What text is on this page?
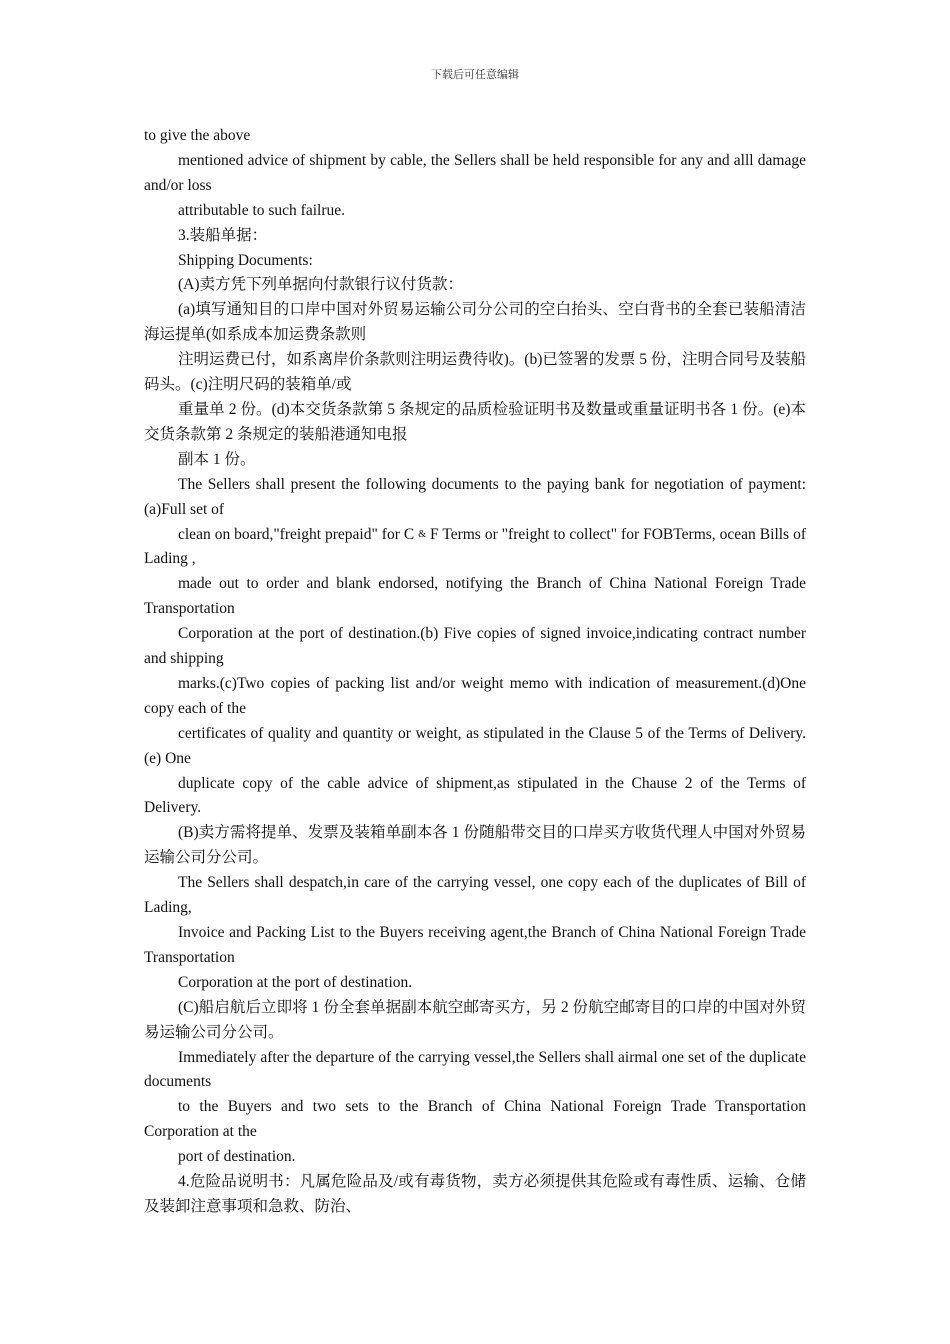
下载后可任意编辑

to give the above

mentioned advice of shipment by cable, the Sellers shall be held responsible for any and alll damage and/or loss

attributable to such failrue.

3.装船单据：

Shipping Documents:

(A)卖方凭下列单据向付款银行议付货款：

(a)填写通知目的口岸中国对外贸易运输公司分公司的空白抬头、空白背书的全套已装船清洁海运提单(如系成本加运费条款则

注明运费已付，如系离岸价条款则注明运费待收)。(b)已签署的发票 5 份，注明合同号及装船码头。(c)注明尺码的装箱单/或

重量单 2 份。(d)本交货条款第 5 条规定的品质检验证明书及数量或重量证明书各 1 份。(e)本交货条款第 2 条规定的装船港通知电报

副本 1 份。

The Sellers shall present the following documents to the paying bank for negotiation of payment:(a)Full set of

clean on board,"freight prepaid" for C & F Terms or "freight to collect" for FOBTerms, ocean Bills of Lading ,

made out to order and blank endorsed, notifying the Branch of China National Foreign Trade Transportation

Corporation at the port of destination.(b) Five copies of signed invoice,indicating contract number and shipping

marks.(c)Two copies of packing list and/or weight memo with indication of measurement.(d)One copy each of the

certificates of quality and quantity or weight, as stipulated in the Clause 5 of the Terms of Delivery.(e) One

duplicate copy of the cable advice of shipment,as stipulated in the Chause 2 of the Terms of Delivery.

(B)卖方需将提单、发票及装箱单副本各 1 份随船带交目的口岸买方收货代理人中国对外贸易运输公司分公司。

The Sellers shall despatch,in care of the carrying vessel, one copy each of the duplicates of Bill of Lading,

Invoice and Packing List to the Buyers receiving agent,the Branch of China National Foreign Trade Transportation

Corporation at the port of destination.

(C)船启航后立即将 1 份全套单据副本航空邮寄买方，另 2 份航空邮寄目的口岸的中国对外贸易运输公司分公司。

Immediately after the departure of the carrying vessel,the Sellers shall airmal one set of the duplicate documents

to the Buyers and two sets to the Branch of China National Foreign Trade Transportation Corporation at the

port of destination.

4.危险品说明书：凡属危险品及/或有毒货物，卖方必须提供其危险或有毒性质、运输、仓储及装卸注意事项和急救、防治、
